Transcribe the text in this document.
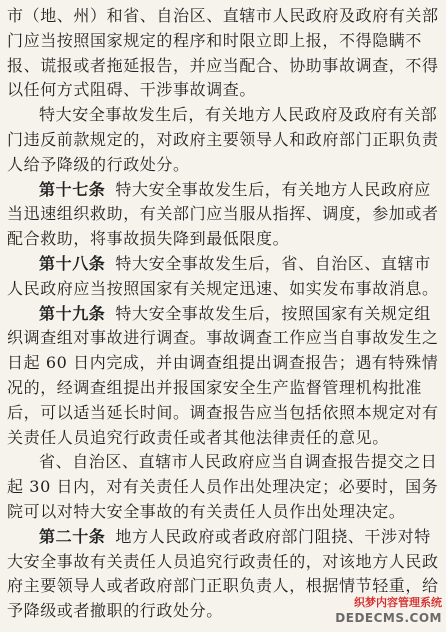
市（地、州）和省、自治区、直辖市人民政府及政府有关部
门应当按照国家规定的程序和时限立即上报，不得隐瞒不
报、谎报或者拖延报告，并应当配合、协助事故调查，不得
以任何方式阻碍、干涉事故调查。
特大安全事故发生后，有关地方人民政府及政府有关部
门违反前款规定的，对政府主要领导人和政府部门正职负责
人给予降级的行政处分。
第十七条 特大安全事故发生后，有关地方人民政府应
当迅速组织救助，有关部门应当服从指挥、调度，参加或者
配合救助，将事故损失降到最低限度。
第十八条 特大安全事故发生后，省、自治区、直辖市
人民政府应当按照国家有关规定迅速、如实发布事故消息。
第十九条 特大安全事故发生后，按照国家有关规定组
织调查组对事故进行调查。事故调查工作应当自事故发生之
日起 60 日内完成，并由调查组提出调查报告；遇有特殊情
况的，经调查组提出并报国家安全生产监督管理机构批准
后，可以适当延长时间。调查报告应当包括依照本规定对有
关责任人员追究行政责任或者其他法律责任的意见。
省、自治区、直辖市人民政府应当自调查报告提交之日
起 30 日内，对有关责任人员作出处理决定；必要时，国务
院可以对特大安全事故的有关责任人员作出处理决定。
第二十条 地方人民政府或者政府部门阻挠、干涉对特
大安全事故有关责任人员追究行政责任的，对该地方人民政
府主要领导人或者政府部门正职负责人，根据情节轻重，给
予降级或者撤职的行政处分。	织梦内容管理系统
DEDECMS.COM
